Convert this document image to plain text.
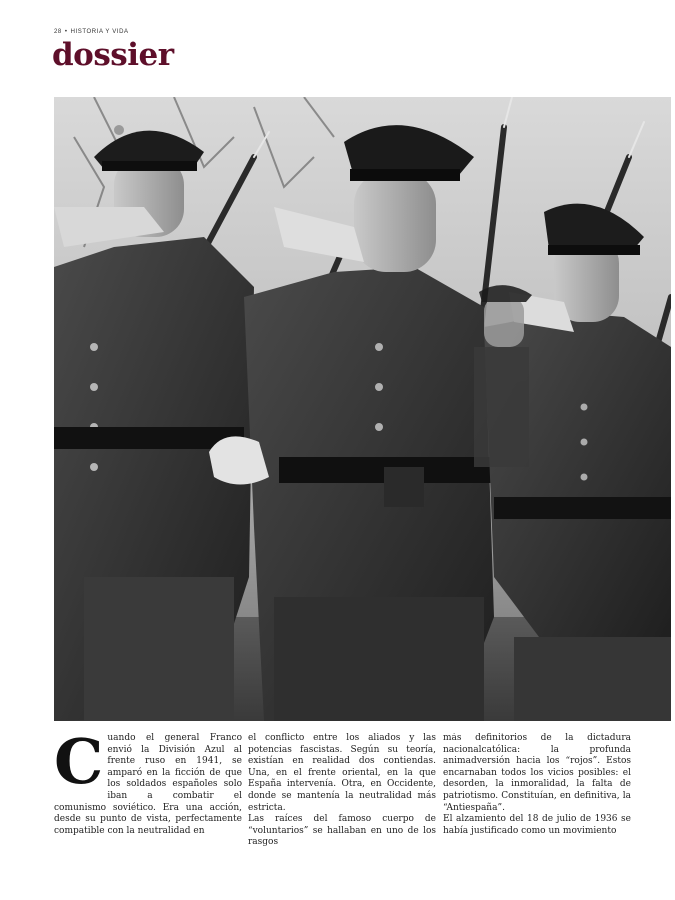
28 • HISTORIA Y VIDA
dossier
C uando el general Franco envió la División Azul al frente ruso en 1941, se amparó en la ficción de que los soldados españoles solo iban a combatir el comunismo soviético. Era una acción, desde su punto de vista, perfectamente compatible con la neutralidad en

el conflicto entre los aliados y las potencias fascistas. Según su teoría, existían en realidad dos contiendas. Una, en el frente oriental, en la que España intervenía. Otra, en Occidente, donde se mantenía la neutralidad más estricta.

Las raíces del famoso cuerpo de “voluntarios” se hallaban en uno de los rasgos

más definitorios de la dictadura nacionalcatólica: la profunda animadversión hacia los “rojos”. Estos encarnaban todos los vicios posibles: el desorden, la inmoralidad, la falta de patriotismo. Constituían, en definitiva, la “Antiespaña”.

El alzamiento del 18 de julio de 1936 se había justificado como un movimiento
